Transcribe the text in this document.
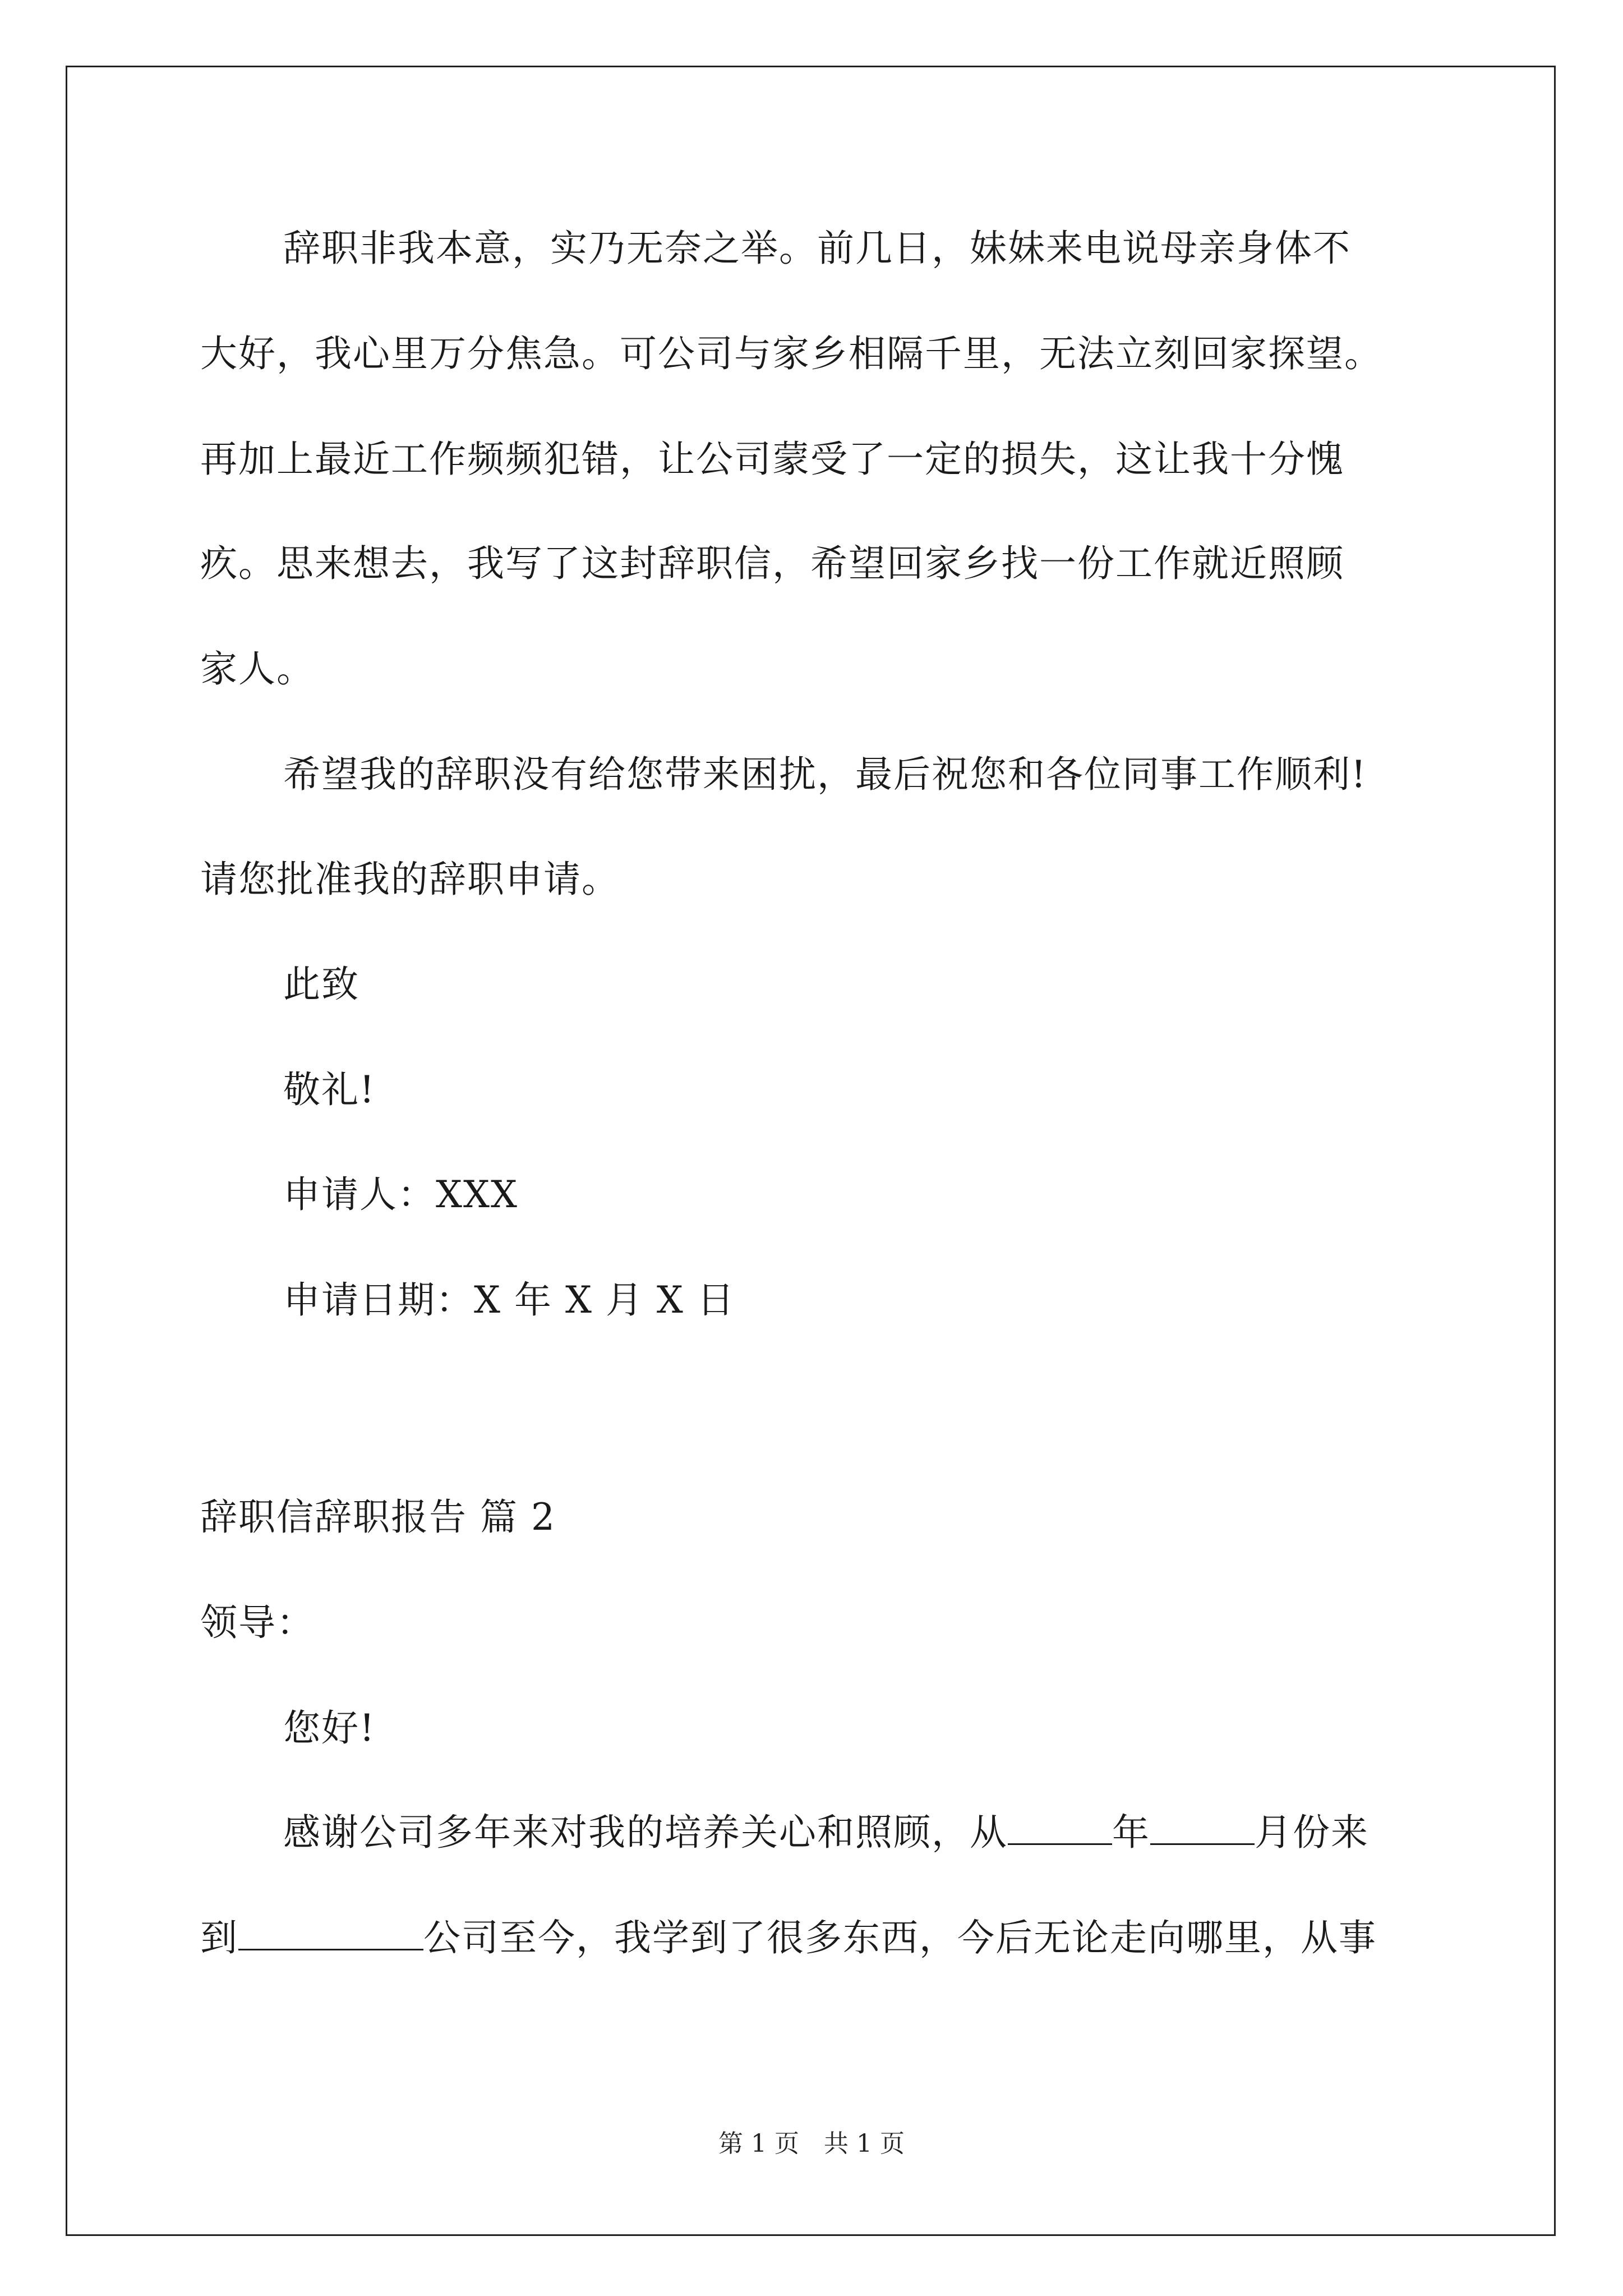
辞职非我本意，实乃无奈之举。前几日，妹妹来电说母亲身体不
大好，我心里万分焦急。可公司与家乡相隔千里，无法立刻回家探望。
再加上最近工作频频犯错，让公司蒙受了一定的损失，这让我十分愧
疚。思来想去，我写了这封辞职信，希望回家乡找一份工作就近照顾
家人。
希望我的辞职没有给您带来困扰，最后祝您和各位同事工作顺利!
请您批准我的辞职申请。
此致
敬礼!
申请人：XXX
申请日期：X 年 X 月 X 日
辞职信辞职报告 篇 2
领导：
您好!
感谢公司多年来对我的培养关心和照顾，从	年	月份来
到	公司至今，我学到了很多东西，今后无论走向哪里，从事
第 1 页 共 1 页
